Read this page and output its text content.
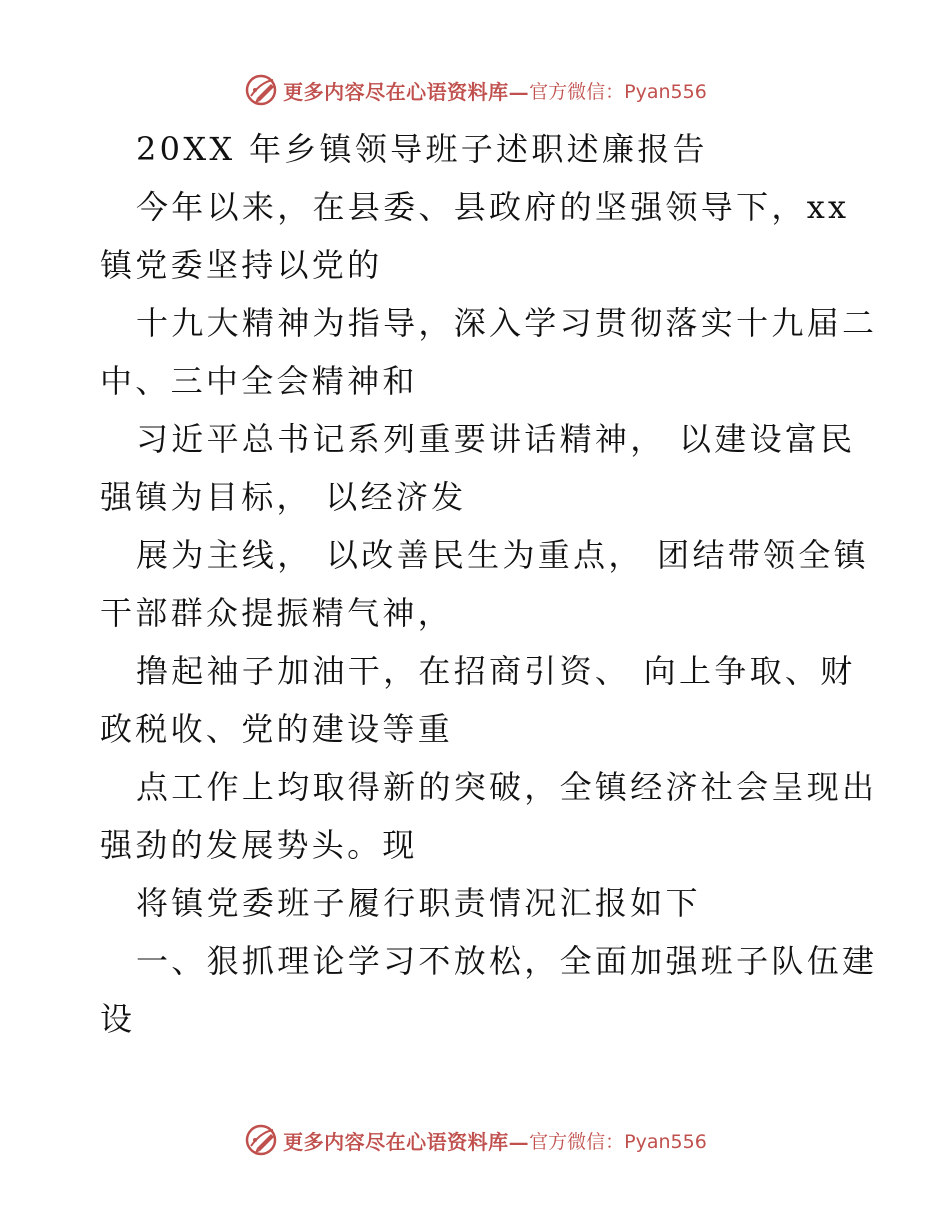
更多内容尽在心语资料库— 官方微信：Pyan556

20XX 年乡镇领导班子述职述廉报告

今年以来，在县委、县政府的坚强领导下，xx

镇党委坚持以党的

十九大精神为指导，深入学习贯彻落实十九届二

中、三中全会精神和

习近平总书记系列重要讲话精神， 以建设富民

强镇为目标， 以经济发

展为主线， 以改善民生为重点， 团结带领全镇

干部群众提振精气神，

撸起袖子加油干，在招商引资、 向上争取、财

政税收、党的建设等重

点工作上均取得新的突破，全镇经济社会呈现出

强劲的发展势头。现

将镇党委班子履行职责情况汇报如下

一、狠抓理论学习不放松，全面加强班子队伍建

设

更多内容尽在心语资料库— 官方微信：Pyan556
